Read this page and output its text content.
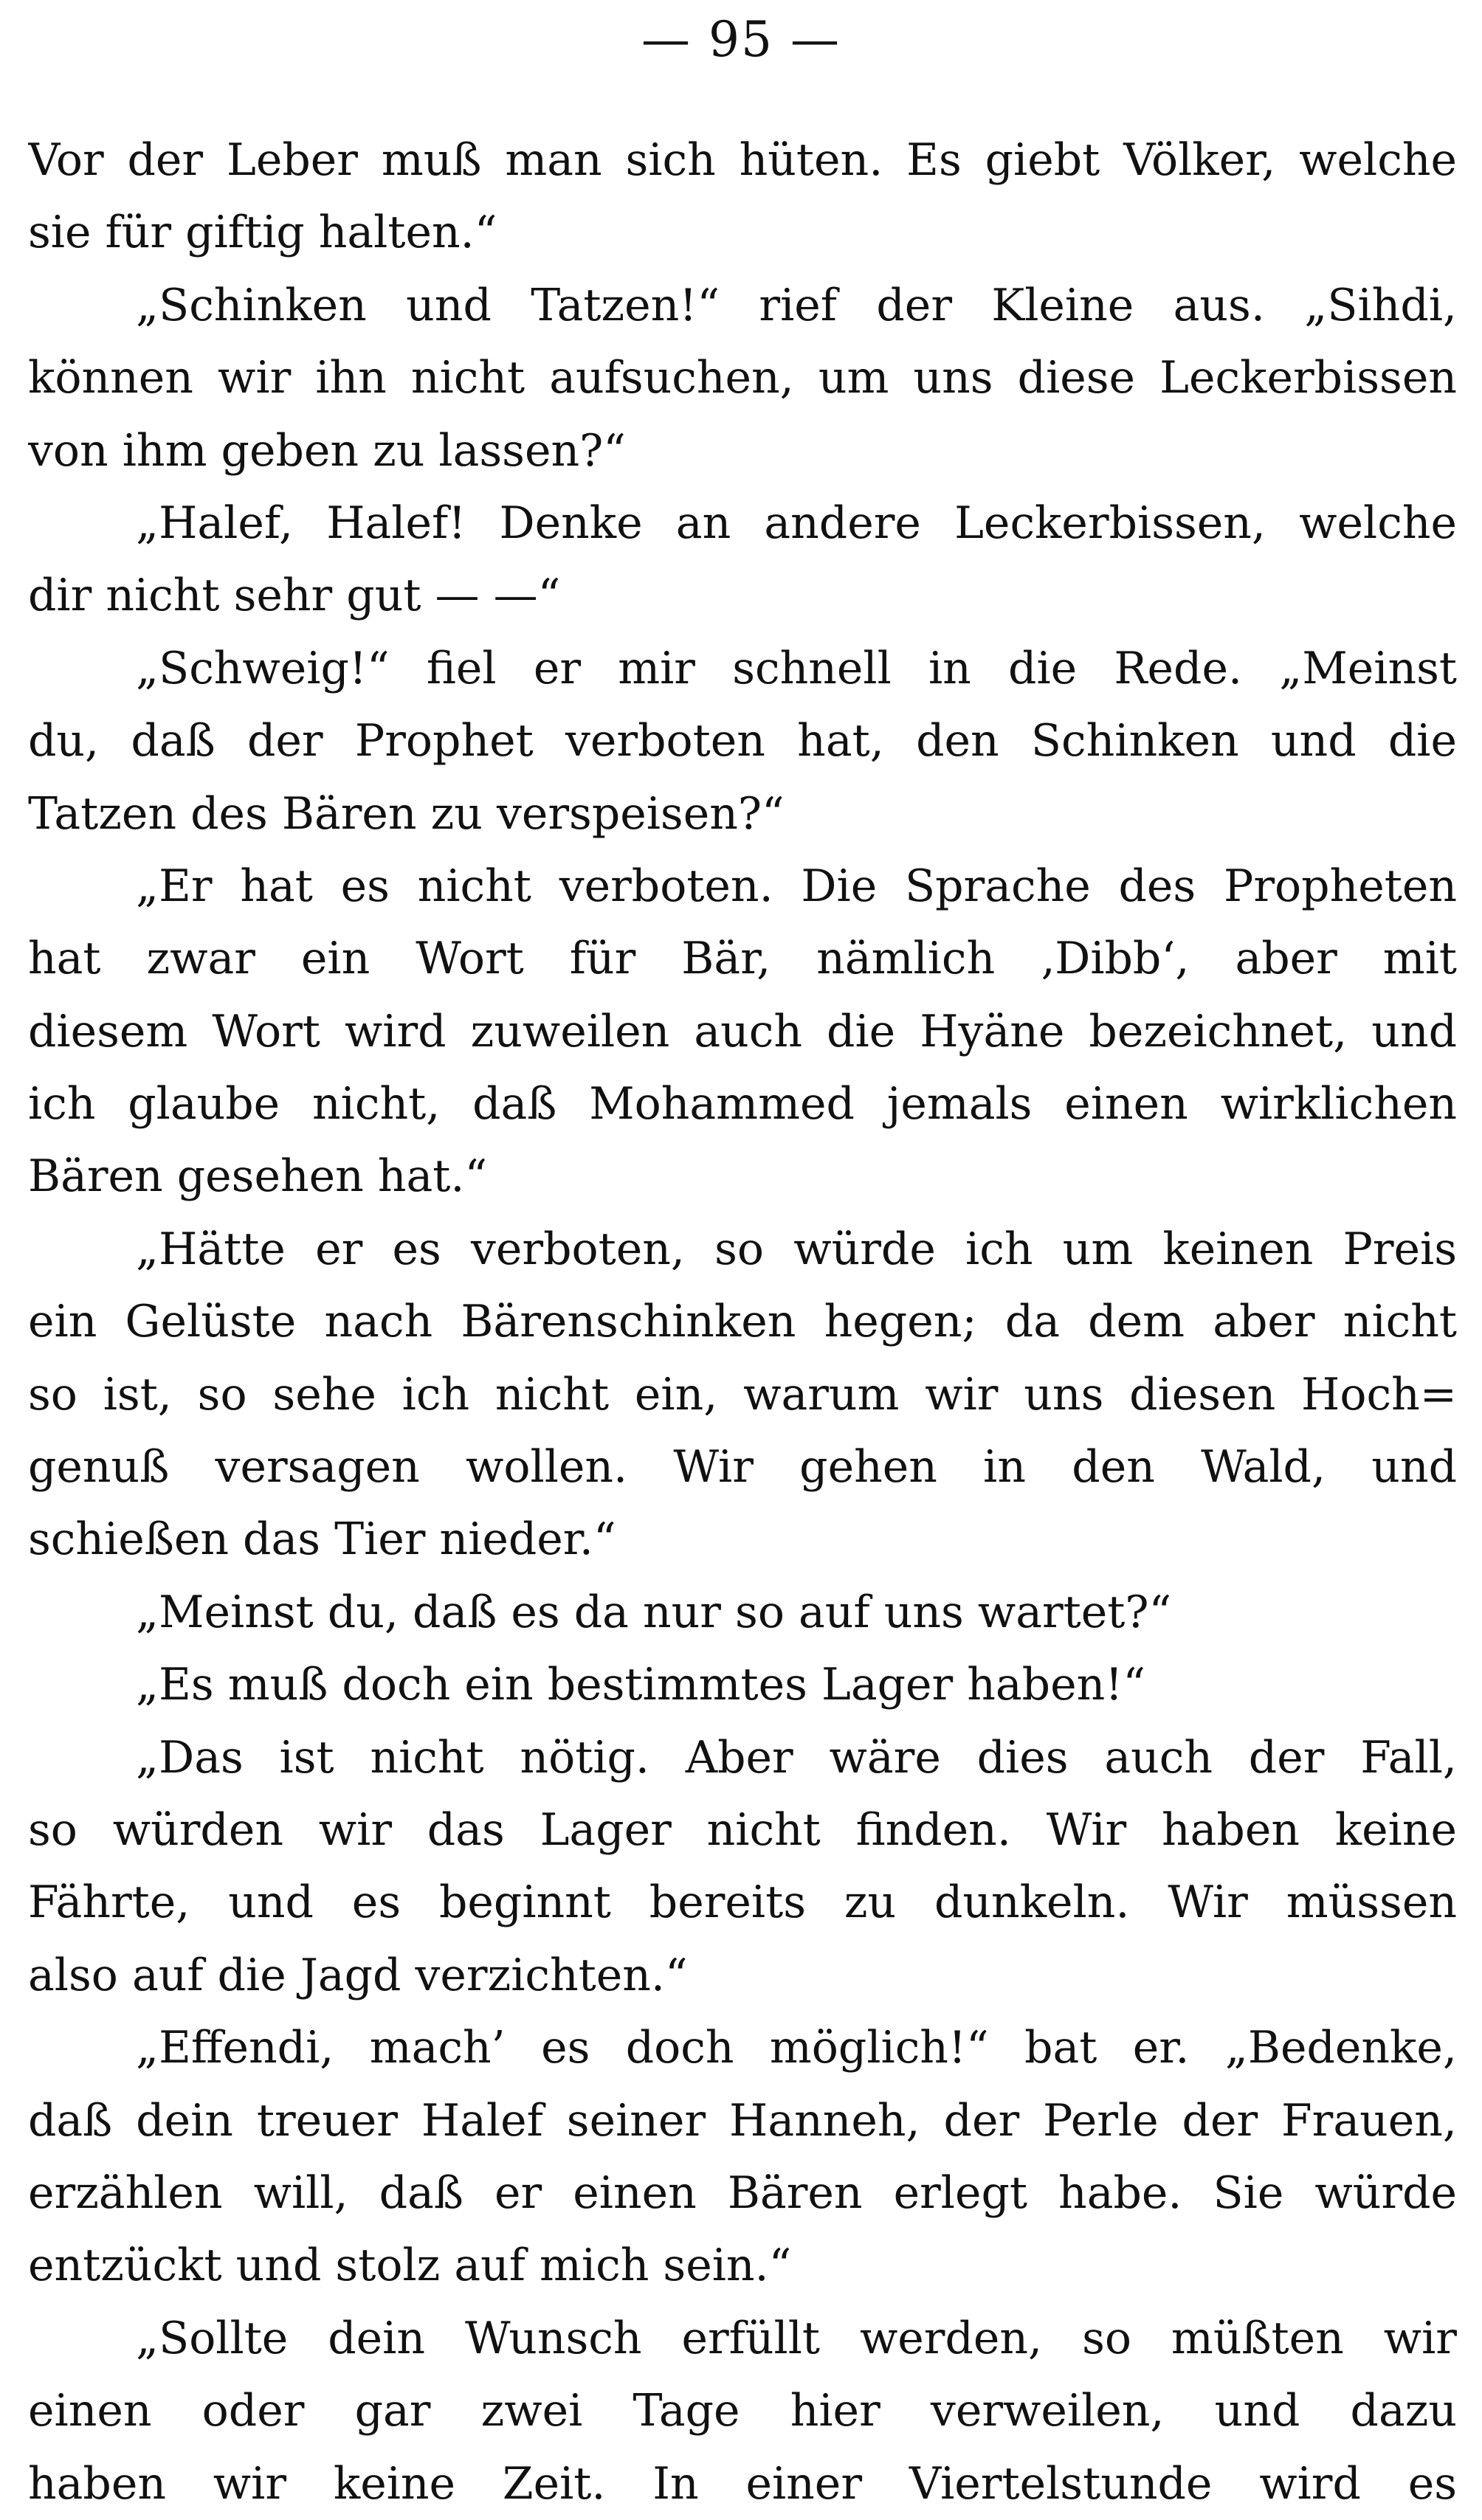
— 95 —
Vor der Leber muß man sich hüten. Es giebt Völker, welche
sie für giftig halten.“
„Schinken und Tatzen!“ rief der Kleine aus. „Sihdi,
können wir ihn nicht aufsuchen, um uns diese Leckerbissen
von ihm geben zu lassen?“
„Halef, Halef! Denke an andere Leckerbissen, welche
dir nicht sehr gut — —“
„Schweig!“ fiel er mir schnell in die Rede. „Meinst
du, daß der Prophet verboten hat, den Schinken und die
Tatzen des Bären zu verspeisen?“
„Er hat es nicht verboten. Die Sprache des Propheten
hat zwar ein Wort für Bär, nämlich ‚Dibb‘, aber mit
diesem Wort wird zuweilen auch die Hyäne bezeichnet, und
ich glaube nicht, daß Mohammed jemals einen wirklichen
Bären gesehen hat.“
„Hätte er es verboten, so würde ich um keinen Preis
ein Gelüste nach Bärenschinken hegen; da dem aber nicht
so ist, so sehe ich nicht ein, warum wir uns diesen Hoch=
genuß versagen wollen. Wir gehen in den Wald, und
schießen das Tier nieder.“
„Meinst du, daß es da nur so auf uns wartet?“
„Es muß doch ein bestimmtes Lager haben!“
„Das ist nicht nötig. Aber wäre dies auch der Fall,
so würden wir das Lager nicht finden. Wir haben keine
Fährte, und es beginnt bereits zu dunkeln. Wir müssen
also auf die Jagd verzichten.“
„Effendi, mach’ es doch möglich!“ bat er. „Bedenke,
daß dein treuer Halef seiner Hanneh, der Perle der Frauen,
erzählen will, daß er einen Bären erlegt habe. Sie würde
entzückt und stolz auf mich sein.“
„Solltе dein Wunsch erfüllt werden, so müßten wir
einen oder gar zwei Tage hier verweilen, und dazu
haben wir keine Zeit. In einer Viertelstunde wird es
